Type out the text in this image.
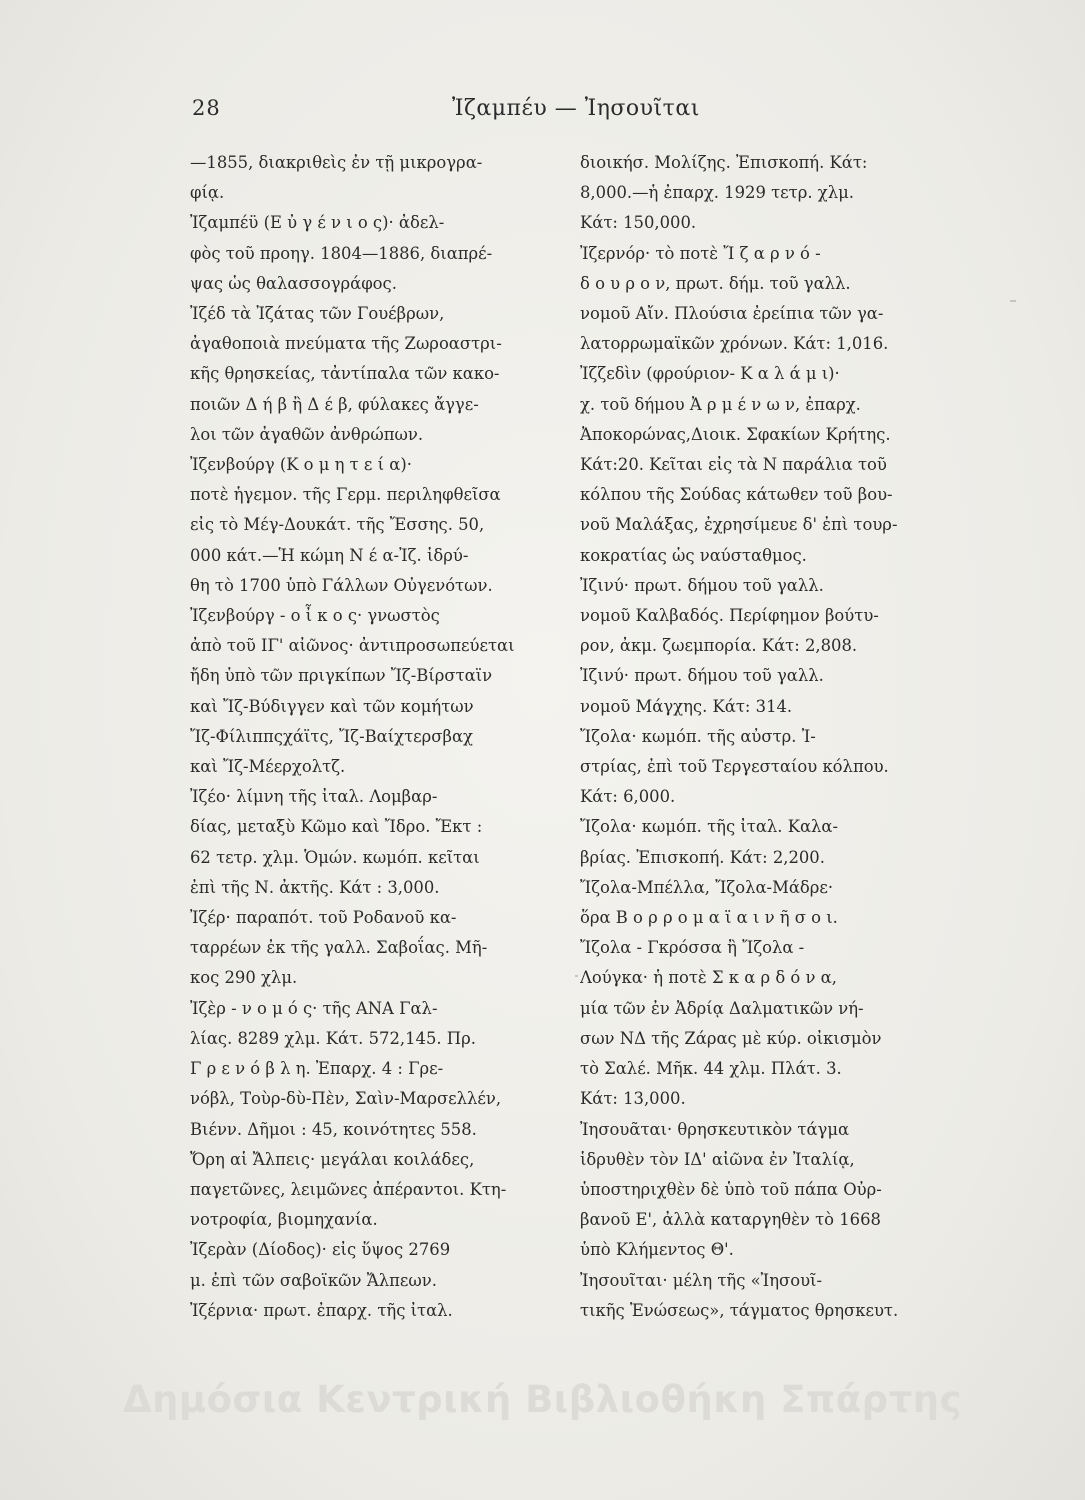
28	Ἰζαμπέυ — Ἰησουῖται
—1855, διακριθεὶς ἐν τῇ μικρογρα-
φίᾳ.
Ἰζαμπέϋ (Ε ὐ γ έ ν ι ο ς)· ἀδελ-
φὸς τοῦ προηγ. 1804—1886, διαπρέ-
ψας ὡς θαλασσογράφος.
Ἰζέδ τὰ Ἰζάτας τῶν Γουέβρων,
ἀγαθοποιὰ πνεύματα τῆς Ζωροαστρι-
κῆς θρησκείας, τἀντίπαλα τῶν κακο-
ποιῶν Δ ή β ἢ Δ έ β, φύλακες ἄγγε-
λοι τῶν ἀγαθῶν ἀνθρώπων.
Ἰζενβούργ (Κ ο μ η τ ε ί α)·
ποτὲ ἡγεμον. τῆς Γερμ. περιληφθεῖσα
εἰς τὸ Μέγ-Δουκάτ. τῆς Ἔσσης. 50,
000 κάτ.—Ἡ κώμη Ν έ α-Ἰζ. ἱδρύ-
θη τὸ 1700 ὑπὸ Γάλλων Οὐγενότων.
Ἰζενβούργ - ο ἶ κ ο ς· γνωστὸς
ἀπὸ τοῦ ΙΓ' αἰῶνος· ἀντιπροσωπεύεται
ἤδη ὑπὸ τῶν πριγκίπων Ἴζ-Βίρσταϊν
καὶ Ἴζ-Βύδιγγεν καὶ τῶν κομήτων
Ἴζ-Φίλιππςχάϊτς, Ἴζ-Βαίχτερσβαχ
καὶ Ἴζ-Μέερχολτζ.
Ἰζέο· λίμνη τῆς ἰταλ. Λομβαρ-
δίας, μεταξὺ Κῶμο καὶ Ἴδρο. Ἔκτ :
62 τετρ. χλμ. Ὁμών. κωμόπ. κεῖται
ἐπὶ τῆς Ν. ἀκτῆς. Κάτ : 3,000.
Ἰζέρ· παραπότ. τοῦ Ροδανοῦ κα-
ταρρέων ἐκ τῆς γαλλ. Σαβοΐας. Μῆ-
κος 290 χλμ.
Ἰζὲρ - ν ο μ ό ς· τῆς ΑΝΑ Γαλ-
λίας. 8289 χλμ. Κάτ. 572,145. Πρ.
Γ ρ ε ν ό β λ η. Ἐπαρχ. 4 : Γρε-
νόβλ, Τοὺρ-δὺ-Πὲν, Σαὶν-Μαρσελλέν,
Βιένν. Δῆμοι : 45, κοινότητες 558.
Ὄρη αἱ Ἄλπεις· μεγάλαι κοιλάδες,
παγετῶνες, λειμῶνες ἀπέραντοι. Κτη-
νοτροφία, βιομηχανία.
Ἰζερὰν (Δίοδος)· εἰς ὕψος 2769
μ. ἐπὶ τῶν σαβοϊκῶν Ἄλπεων.
Ἰζέρνια· πρωτ. ἐπαρχ. τῆς ἰταλ.
διοικήσ. Μολίζης. Ἐπισκοπή. Κάτ:
8,000.—ἡ ἐπαρχ. 1929 τετρ. χλμ.
Κάτ: 150,000.
Ἰζερνόρ· τὸ ποτὲ Ἴ ζ α ρ ν ό -
δ ο υ ρ ο ν, πρωτ. δήμ. τοῦ γαλλ.
νομοῦ Αἴν. Πλούσια ἐρείπια τῶν γα-
λατορρωμαϊκῶν χρόνων. Κάτ: 1,016.
Ἰζζεδὶν (φρούριον- Κ α λ ά μ ι)·
χ. τοῦ δήμου Ἀ ρ μ έ ν ω ν, ἐπαρχ.
Ἀποκορώνας,Διοικ. Σφακίων Κρήτης.
Κάτ:20. Κεῖται εἰς τὰ Ν παράλια τοῦ
κόλπου τῆς Σούδας κάτωθεν τοῦ βου-
νοῦ Μαλάξας, ἐχρησίμευε δ' ἐπὶ τουρ-
κοκρατίας ὡς ναύσταθμος.
Ἰζινύ· πρωτ. δήμου τοῦ γαλλ.
νομοῦ Καλβαδός. Περίφημον βούτυ-
ρον, ἀκμ. ζωεμπορία. Κάτ: 2,808.
Ἰζινύ· πρωτ. δήμου τοῦ γαλλ.
νομοῦ Μάγχης. Κάτ: 314.
Ἴζολα· κωμόπ. τῆς αὐστρ. Ἰ-
στρίας, ἐπὶ τοῦ Τεργεσταίου κόλπου.
Κάτ: 6,000.
Ἴζολα· κωμόπ. τῆς ἰταλ. Καλα-
βρίας. Ἐπισκοπή. Κάτ: 2,200.
Ἴζολα-Μπέλλα, Ἴζολα-Μάδρε·
ὅρα Β ο ρ ρ ο μ α ϊ α ι ν ῆ σ ο ι.
Ἴζολα - Γκρόσσα ἢ Ἴζολα -
Λούγκα· ἡ ποτὲ Σ κ α ρ δ ό ν α,
μία τῶν ἐν Ἀδρίᾳ Δαλματικῶν νή-
σων ΝΔ τῆς Ζάρας μὲ κύρ. οἰκισμὸν
τὸ Σαλέ. Μῆκ. 44 χλμ. Πλάτ. 3.
Κάτ: 13,000.
Ἰησουᾶται· θρησκευτικὸν τάγμα
ἱδρυθὲν τὸν ΙΔ' αἰῶνα ἐν Ἰταλίᾳ,
ὑποστηριχθὲν δὲ ὑπὸ τοῦ πάπα Οὐρ-
βανοῦ Ε', ἀλλὰ καταργηθὲν τὸ 1668
ὑπὸ Κλήμεντος Θ'.
Ἰησουῖται· μέλη τῆς «Ἰησουῖ-
τικῆς Ἑνώσεως», τάγματος θρησκευτ.
Δημόσια Κεντρική Βιβλιοθήκη Σπάρτης
